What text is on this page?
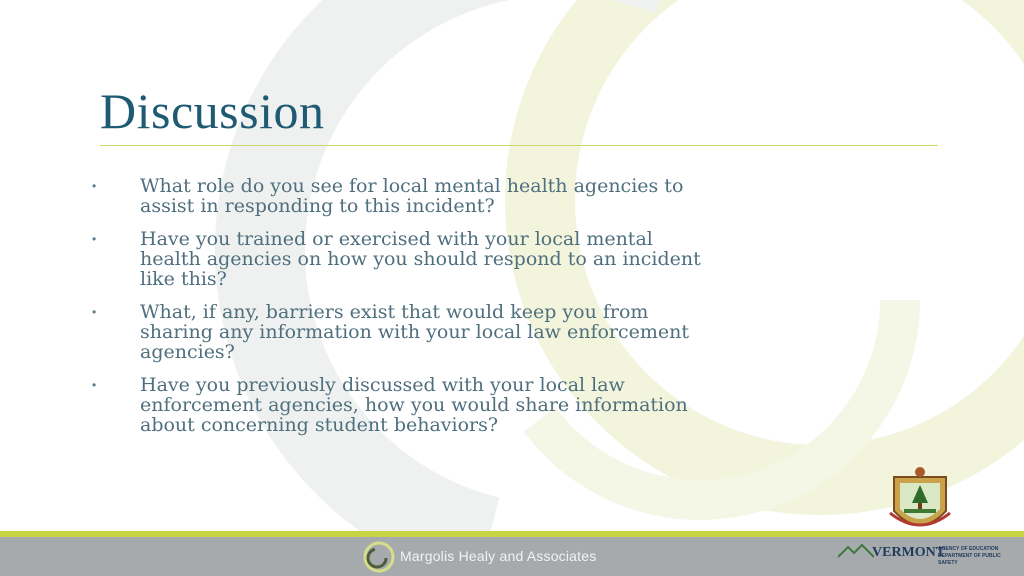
Discussion
• What role do you see for local mental health agencies to assist in responding to this incident?
• Have you trained or exercised with your local mental health agencies on how you should respond to an incident like this?
• What, if any, barriers exist that would keep you from sharing any information with your local law enforcement agencies?
• Have you previously discussed with your local law enforcement agencies, how you would share information about concerning student behaviors?
Margolis Healy and Associates	VERMONT
AGENCY OF EDUCATION
DEPARTMENT OF PUBLIC SAFETY
